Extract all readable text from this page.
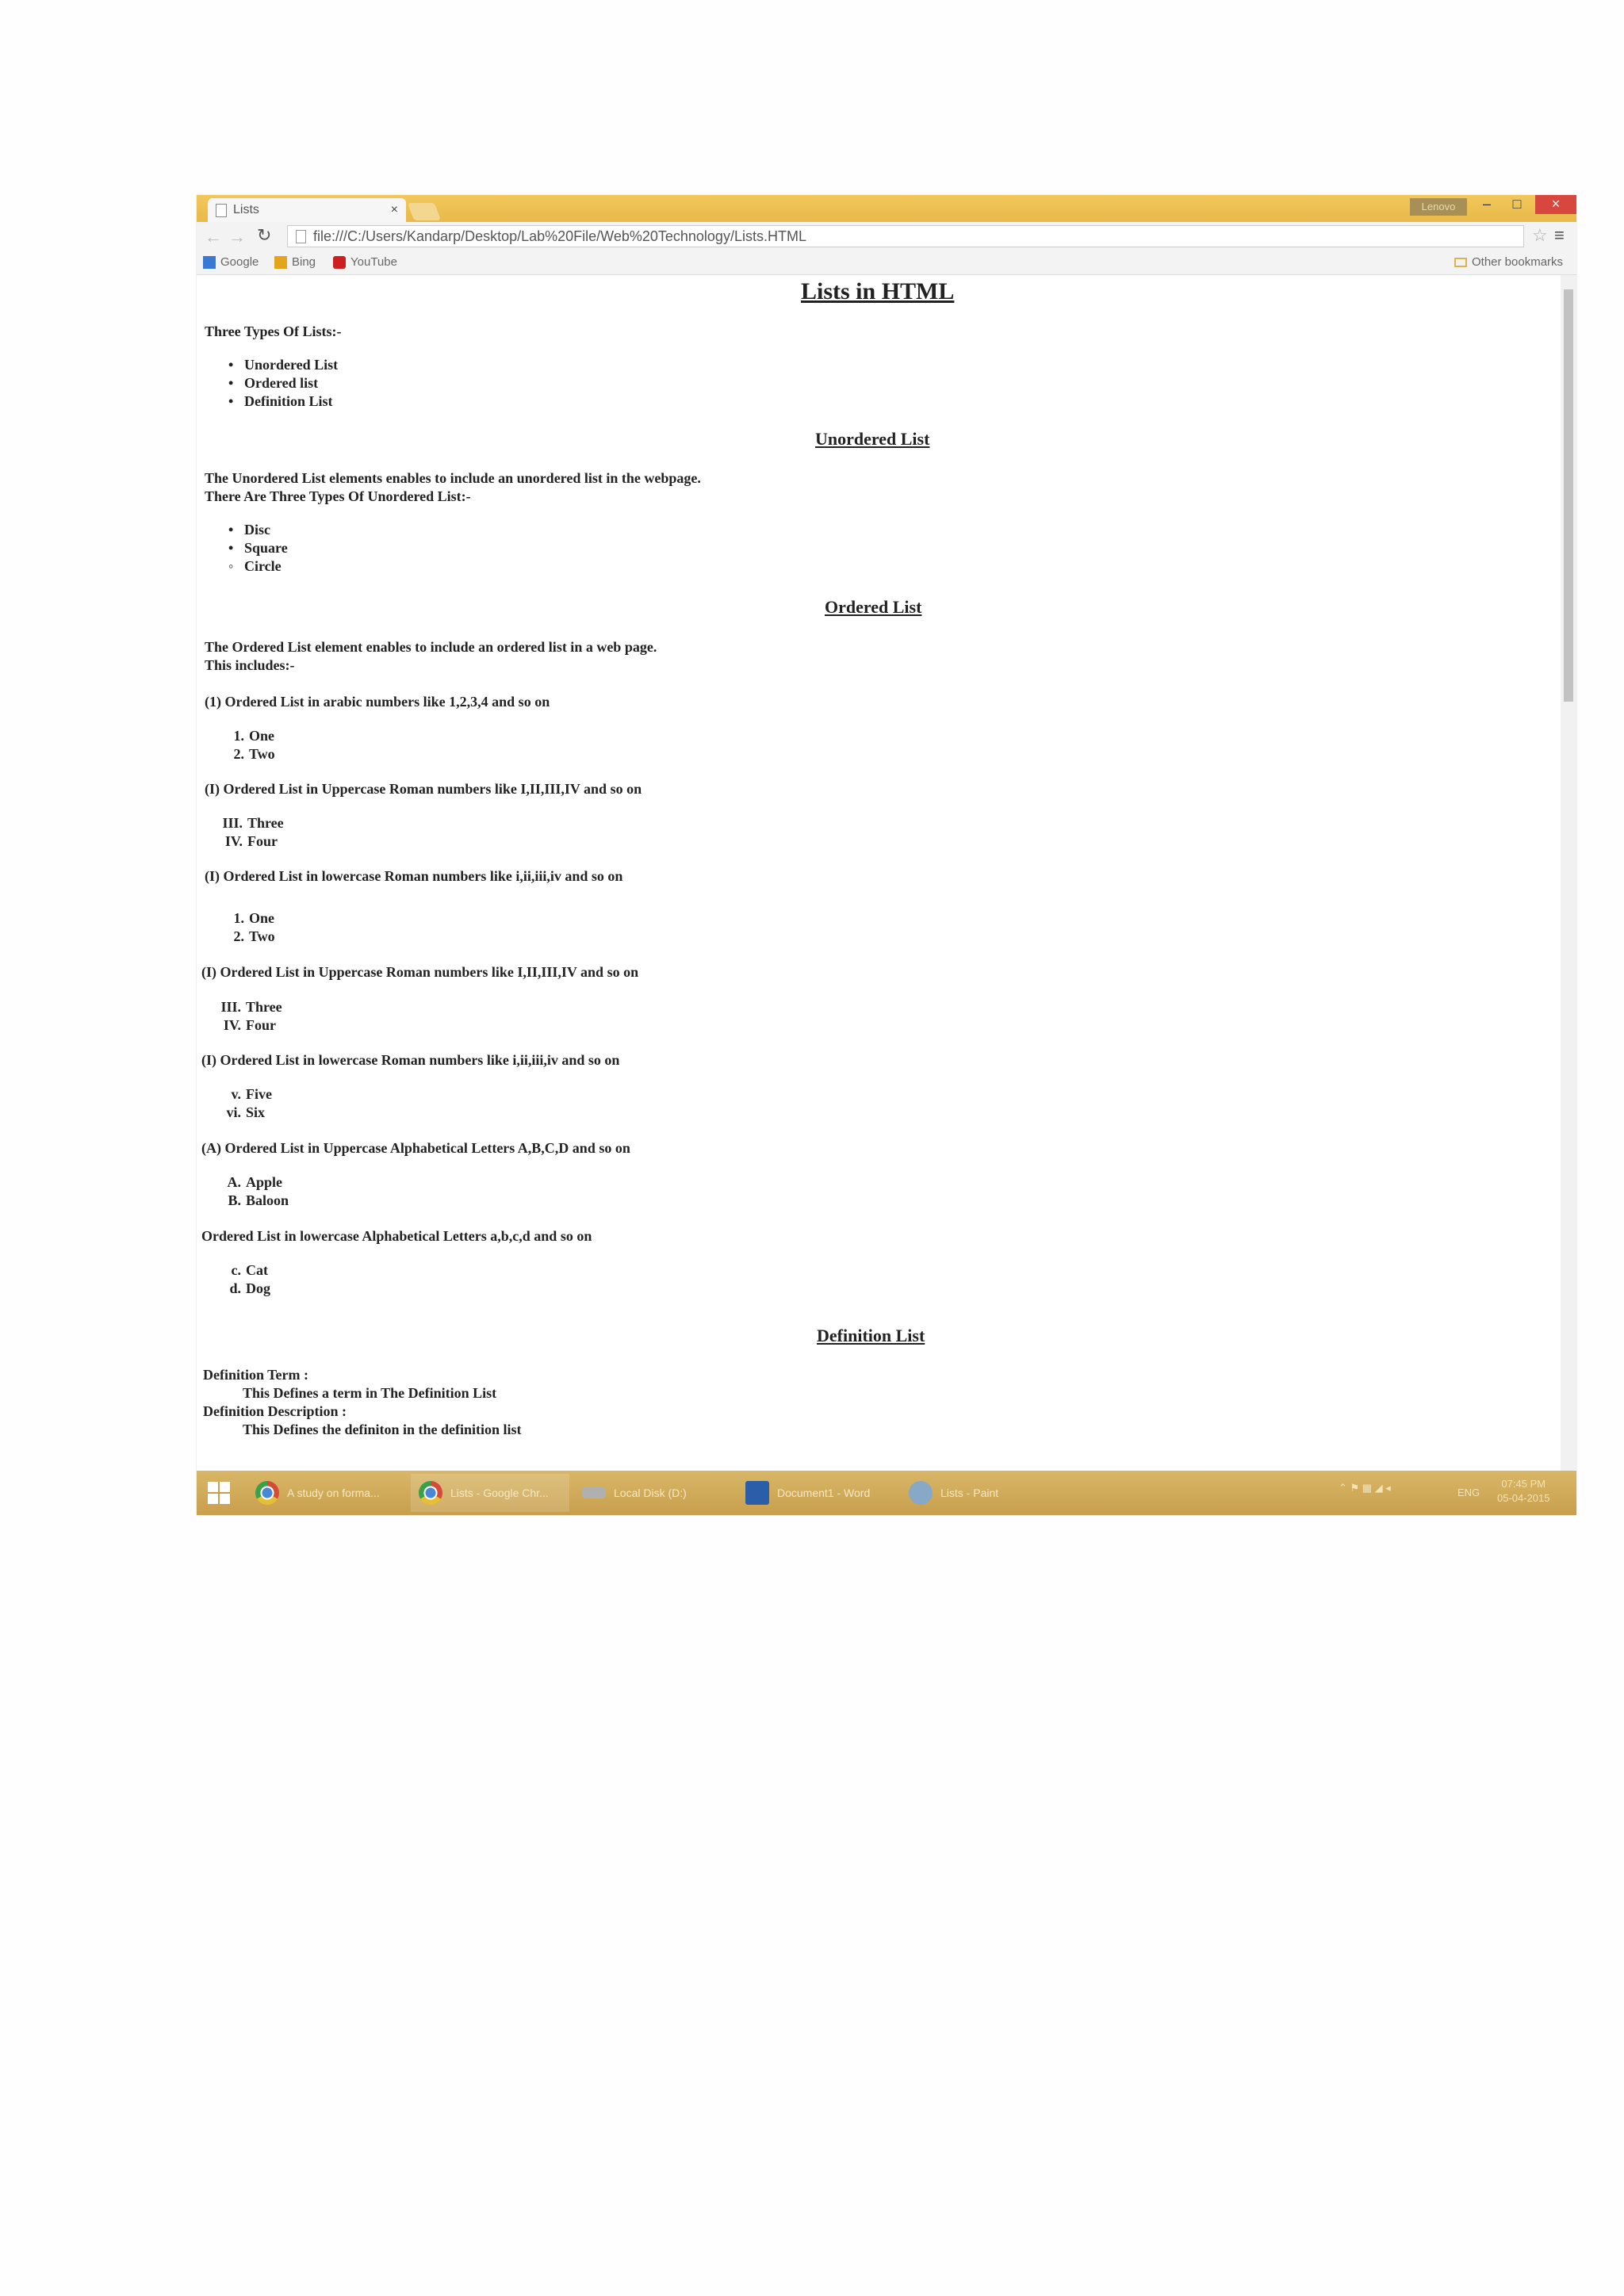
Lists	×	Lenovo	–	□	×
← → ↻	file:///C:/Users/Kandarp/Desktop/Lab%20File/Web%20Technology/Lists.HTML	☆ ≡
Google	Bing	YouTube	Other bookmarks
Lists in HTML
Three Types Of Lists:-
• Unordered List
• Ordered list
• Definition List
Unordered List
The Unordered List elements enables to include an unordered list in the webpage.
There Are Three Types Of Unordered List:-
• Disc
• Square
◦ Circle
Ordered List
The Ordered List element enables to include an ordered list in a web page.
This includes:-
(1) Ordered List in arabic numbers like 1,2,3,4 and so on
1. One
2. Two
(I) Ordered List in Uppercase Roman numbers like I,II,III,IV and so on
III. Three
IV. Four
(I) Ordered List in lowercase Roman numbers like i,ii,iii,iv and so on
1. One
2. Two
(I) Ordered List in Uppercase Roman numbers like I,II,III,IV and so on
III. Three
IV. Four
(I) Ordered List in lowercase Roman numbers like i,ii,iii,iv and so on
v. Five
vi. Six
(A) Ordered List in Uppercase Alphabetical Letters A,B,C,D and so on
A. Apple
B. Baloon
Ordered List in lowercase Alphabetical Letters a,b,c,d and so on
c. Cat
d. Dog
Definition List
Definition Term :
This Defines a term in The Definition List
Definition Description :
This Defines the definiton in the definition list
A study on forma...	Lists - Google Chr...	Local Disk (D:)	Document1 - Word	Lists - Paint	⌃ ⚑ ▦ ◢ ◂	ENG
07:45 PM
05-04-2015
